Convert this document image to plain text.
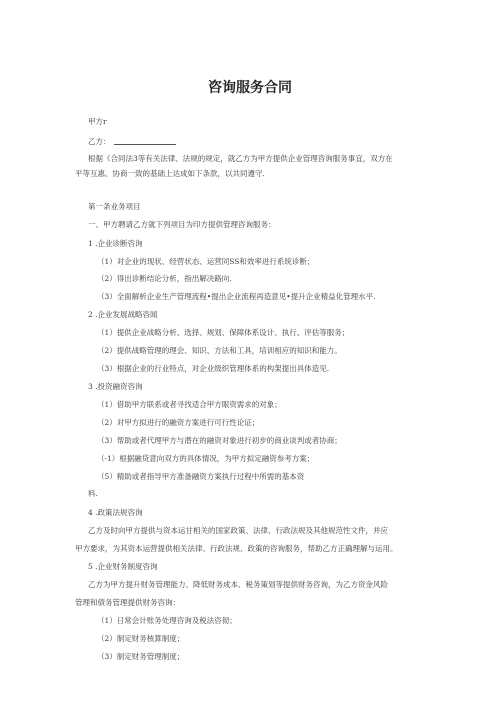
咨询服务合同
甲方r
乙方：
根据《合同法3等有关法律、法规的规定，就乙方为甲方提供企业管理咨询服务事宜，双方在
平等互惠、协商一致的基础上达成如下条款，以共同遵守.
第一条业务项目
一、甲方聘请乙方就下列项目为印方提供管理咨询服务：
1 .企业诊断咨询
（1）对企业的现状、经营状态、运营同SS和效率进行系统诊断；
（2）得出诊断结论分析，指出解决路向.
（3）全面解析企业生产管理流程•提出企业流程再造意见•提升企业精益化管理水平.
2 .企业发展战略咨闻
（1）提供企业战略分析、选择、规划、保障体系设计、执行、评估等服务；
（2）提供战略管理的理会、知识、方法和工具，培训相应的知识和能力。
（3）根据企业的行业特点，对企业级织管理体系的构架提出具体造见.
3 .投资融资咨询
（1）借助甲方联系或者寻找适合甲方眼资需求的对象；
（2）对甲方拟进行的融资方案进行可行性论证；
（3）帮助或者代理甲方与潜在的融资对象进行初步的商业谈判或者协商；
（-1）根据融贷意向双方的具体情况，为甲方拟定融资参考方案；
（5）精助或者指导甲方准备融资方案执行过程中所需的基本资
料.
4 .政策法规咨询
乙方及时向甲方提供与资本运甘相关的国家政策、法律、行政法规及其他规范性文件，并应
甲方要求，为其资本运营提供相关法律、行政法规、政策的咨询服务，帮助乙方正确理解与运用。
5 .企业财务制度咨询
乙方为甲方提升财务管理能力、降低财务成本、税务策划等提供财务咨询，为乙方资金风险
管理和债务管理提供财务咨询：
（1）日常会计账务处理咨询及税法咨彻；
（2）制定财务核算制度；
（3）制定财务管理制度；
